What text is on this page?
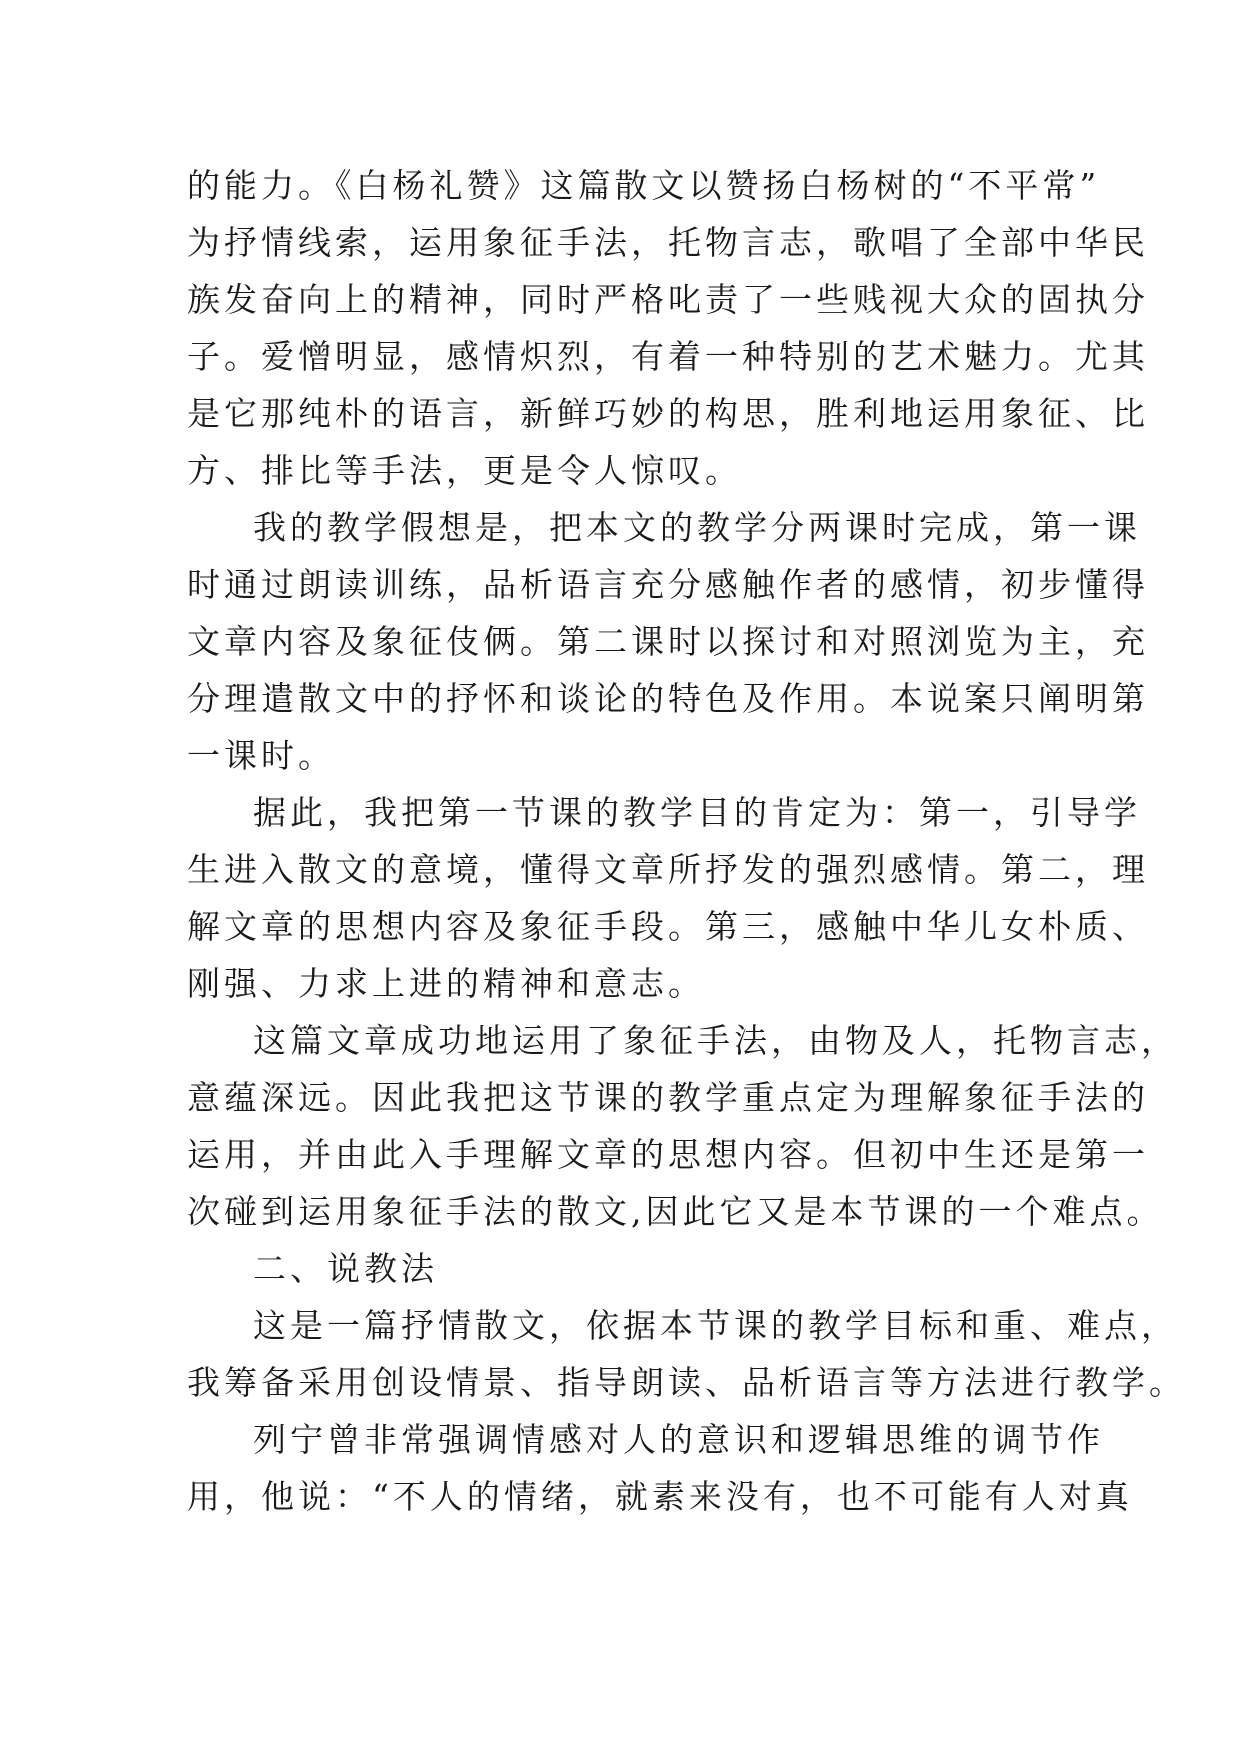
的能力。《白杨礼赞》这篇散文以赞扬白杨树的“不平常”
为抒情线索，运用象征手法，托物言志，歌唱了全部中华民
族发奋向上的精神，同时严格叱责了一些贱视大众的固执分
子。爱憎明显，感情炽烈，有着一种特别的艺术魅力。尤其
是它那纯朴的语言，新鲜巧妙的构思，胜利地运用象征、比
方、排比等手法，更是令人惊叹。
我的教学假想是，把本文的教学分两课时完成，第一课
时通过朗读训练，品析语言充分感触作者的感情，初步懂得
文章内容及象征伎俩。第二课时以探讨和对照浏览为主，充
分理遣散文中的抒怀和谈论的特色及作用。本说案只阐明第
一课时。
据此，我把第一节课的教学目的肯定为：第一，引导学
生进入散文的意境，懂得文章所抒发的强烈感情。第二，理
解文章的思想内容及象征手段。第三，感触中华儿女朴质、
刚强、力求上进的精神和意志。
这篇文章成功地运用了象征手法，由物及人，托物言志，
意蕴深远。因此我把这节课的教学重点定为理解象征手法的
运用，并由此入手理解文章的思想内容。但初中生还是第一
次碰到运用象征手法的散文,因此它又是本节课的一个难点。
二、说教法
这是一篇抒情散文，依据本节课的教学目标和重、难点，
我筹备采用创设情景、指导朗读、品析语言等方法进行教学。
列宁曾非常强调情感对人的意识和逻辑思维的调节作
用，他说：“不人的情绪，就素来没有，也不可能有人对真
